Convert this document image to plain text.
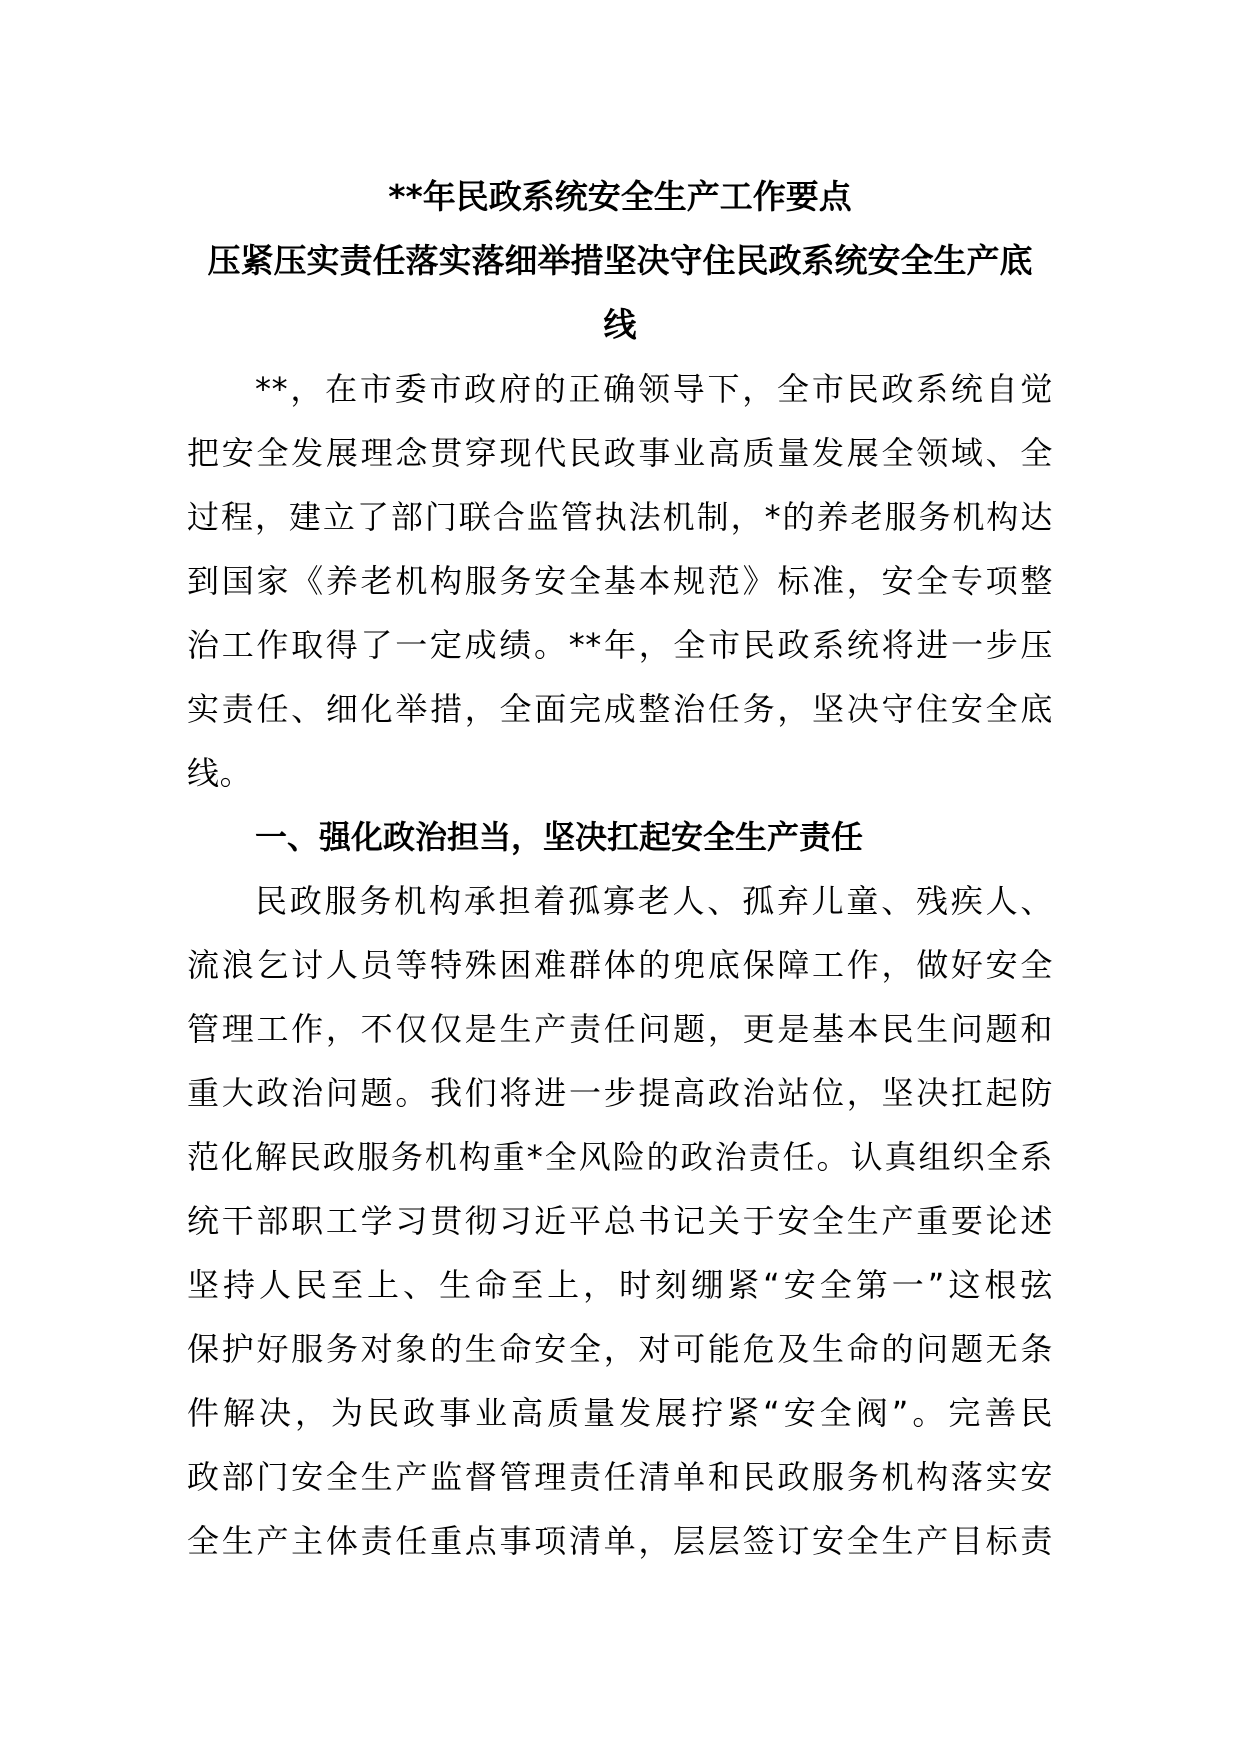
**年民政系统安全生产工作要点
压紧压实责任落实落细举措坚决守住民政系统安全生产底
线
**，在市委市政府的正确领导下，全市民政系统自觉
把安全发展理念贯穿现代民政事业高质量发展全领域、全
过程，建立了部门联合监管执法机制，*的养老服务机构达
到国家《养老机构服务安全基本规范》标准，安全专项整
治工作取得了一定成绩。**年，全市民政系统将进一步压
实责任、细化举措，全面完成整治任务，坚决守住安全底
线。
一、强化政治担当，坚决扛起安全生产责任
民政服务机构承担着孤寡老人、孤弃儿童、残疾人、
流浪乞讨人员等特殊困难群体的兜底保障工作，做好安全
管理工作，不仅仅是生产责任问题，更是基本民生问题和
重大政治问题。我们将进一步提高政治站位，坚决扛起防
范化解民政服务机构重*全风险的政治责任。认真组织全系
统干部职工学习贯彻习近平总书记关于安全生产重要论述
坚持人民至上、生命至上，时刻绷紧“安全第一”这根弦
保护好服务对象的生命安全，对可能危及生命的问题无条
件解决，为民政事业高质量发展拧紧“安全阀”。完善民
政部门安全生产监督管理责任清单和民政服务机构落实安
全生产主体责任重点事项清单，层层签订安全生产目标责
